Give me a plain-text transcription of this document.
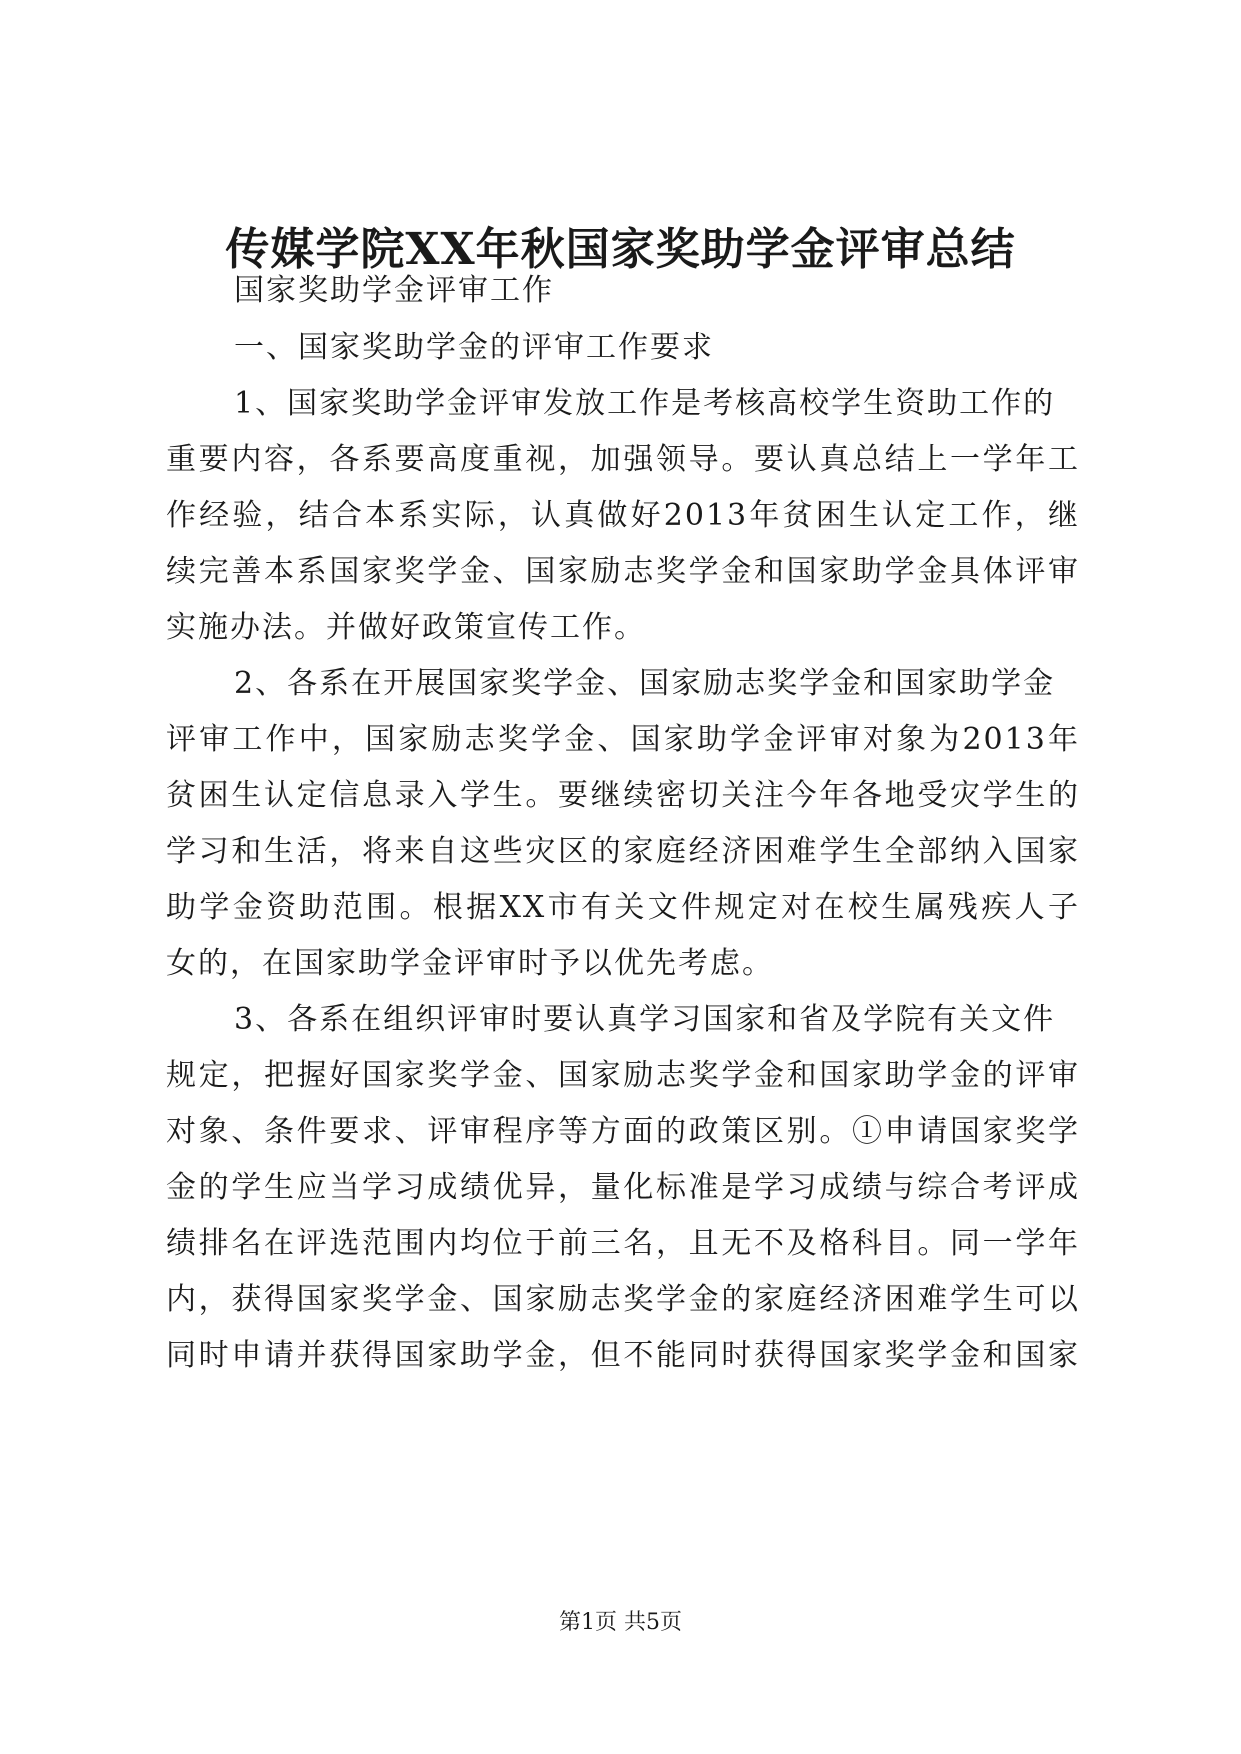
传媒学院XX年秋国家奖助学金评审总结

国家奖助学金评审工作

一、国家奖助学金的评审工作要求

1、国家奖助学金评审发放工作是考核高校学生资助工作的

重要内容，各系要高度重视，加强领导。要认真总结上一学年工

作经验，结合本系实际，认真做好2013年贫困生认定工作，继

续完善本系国家奖学金、国家励志奖学金和国家助学金具体评审

实施办法。并做好政策宣传工作。

2、各系在开展国家奖学金、国家励志奖学金和国家助学金

评审工作中，国家励志奖学金、国家助学金评审对象为2013年

贫困生认定信息录入学生。要继续密切关注今年各地受灾学生的

学习和生活，将来自这些灾区的家庭经济困难学生全部纳入国家

助学金资助范围。根据XX市有关文件规定对在校生属残疾人子

女的，在国家助学金评审时予以优先考虑。

3、各系在组织评审时要认真学习国家和省及学院有关文件

规定，把握好国家奖学金、国家励志奖学金和国家助学金的评审

对象、条件要求、评审程序等方面的政策区别。①申请国家奖学

金的学生应当学习成绩优异，量化标准是学习成绩与综合考评成

绩排名在评选范围内均位于前三名，且无不及格科目。同一学年

内，获得国家奖学金、国家励志奖学金的家庭经济困难学生可以

同时申请并获得国家助学金，但不能同时获得国家奖学金和国家

第1页 共5页
